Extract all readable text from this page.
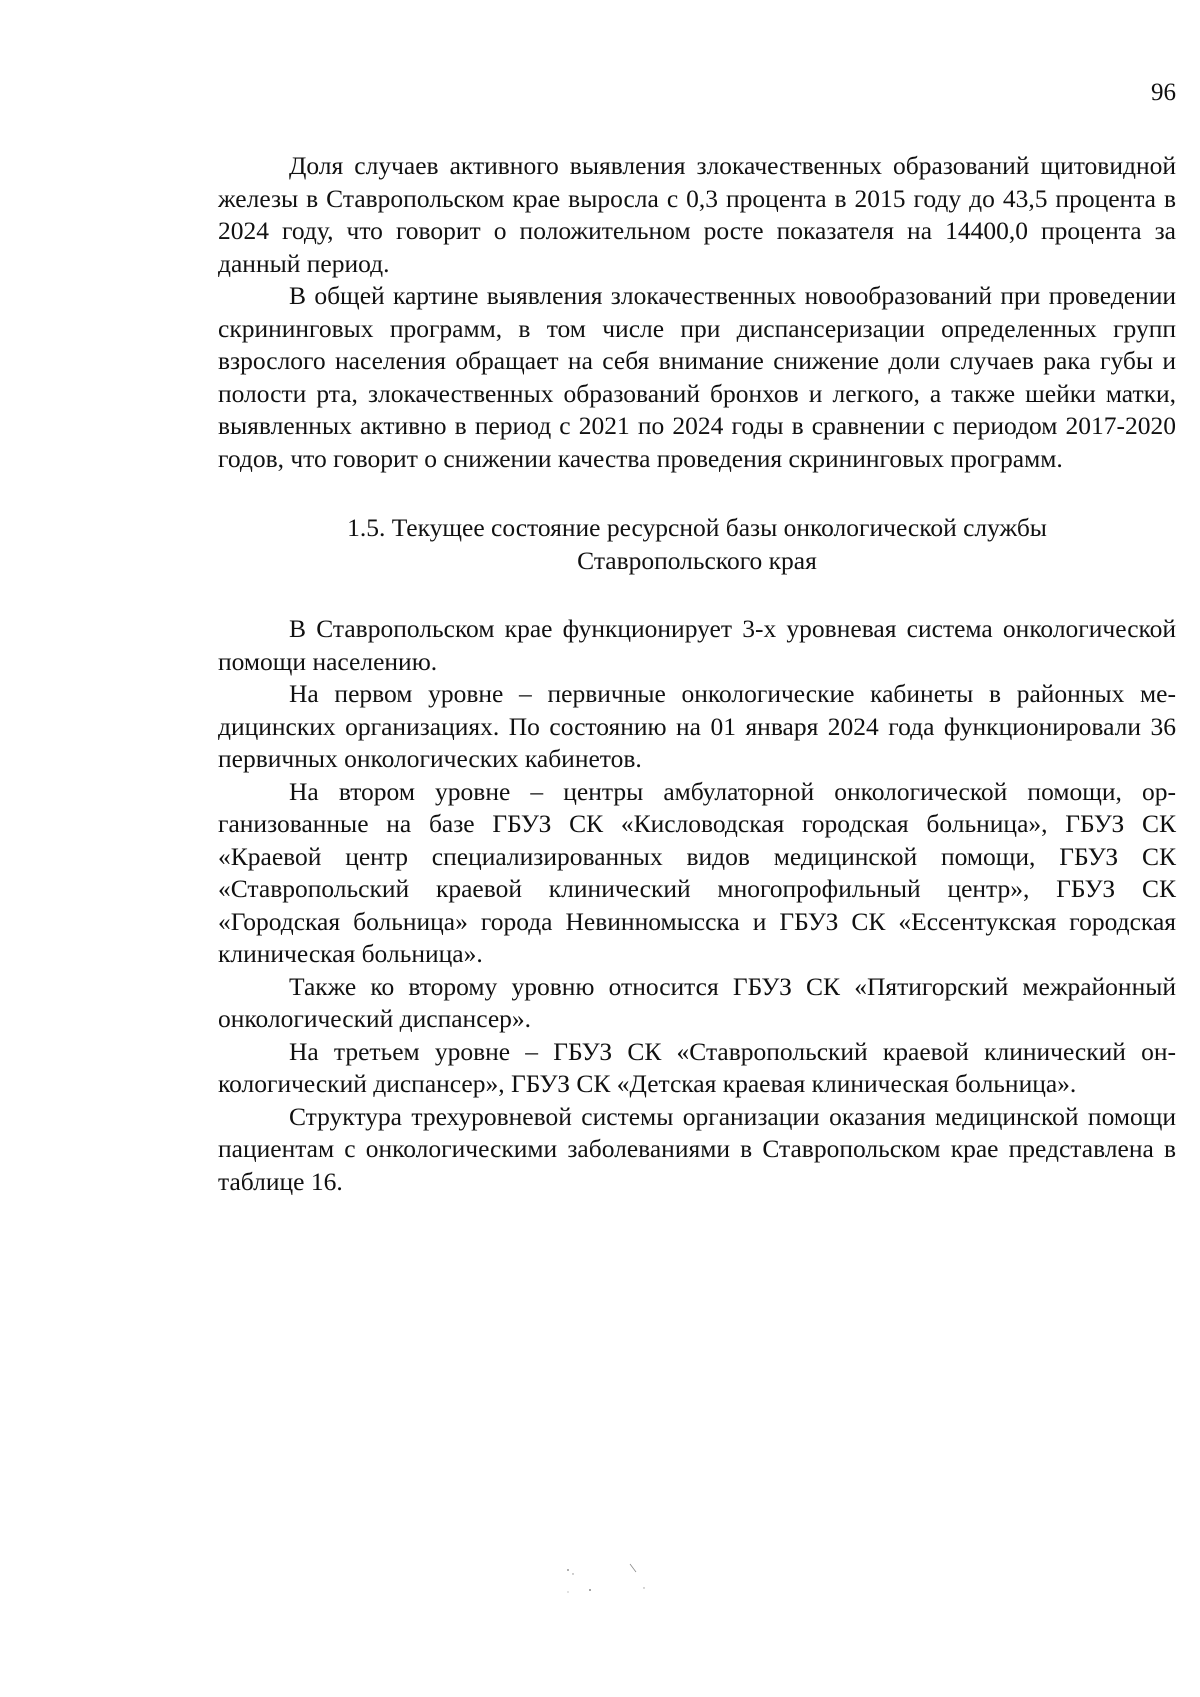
96

Доля случаев активного выявления злокачественных образований щитовидной железы в Ставропольском крае выросла с 0,3 процента в 2015 году до 43,5 процента в 2024 году, что говорит о положительном росте показателя на 14400,0 процента за данный период.

В общей картине выявления злокачественных новообразований при проведении скрининговых программ, в том числе при диспансеризации определенных групп взрослого населения обращает на себя внимание снижение доли случаев рака губы и полости рта, злокачественных образований бронхов и легкого, а также шейки матки, выявленных активно в период с 2021 по 2024 годы в сравнении с периодом 2017-2020 годов, что говорит о снижении качества проведения скрининговых программ.

1.5. Текущее состояние ресурсной базы онкологической службы
Ставропольского края

В Ставропольском крае функционирует 3-х уровневая система онкологической помощи населению.

На первом уровне – первичные онкологические кабинеты в районных медицинских организациях. По состоянию на 01 января 2024 года функционировали 36 первичных онкологических кабинетов.

На втором уровне – центры амбулаторной онкологической помощи, организованные на базе ГБУЗ СК «Кисловодская городская больница», ГБУЗ СК «Краевой центр специализированных видов медицинской помощи, ГБУЗ СК «Ставропольский краевой клинический многопрофильный центр», ГБУЗ СК «Городская больница» города Невинномысска и ГБУЗ СК «Ессентукская городская клиническая больница».

Также ко второму уровню относится ГБУЗ СК «Пятигорский межрайонный онкологический диспансер».

На третьем уровне – ГБУЗ СК «Ставропольский краевой клинический онкологический диспансер», ГБУЗ СК «Детская краевая клиническая больница».

Структура трехуровневой системы организации оказания медицинской помощи пациентам с онкологическими заболеваниями в Ставропольском крае представлена в таблице 16.
